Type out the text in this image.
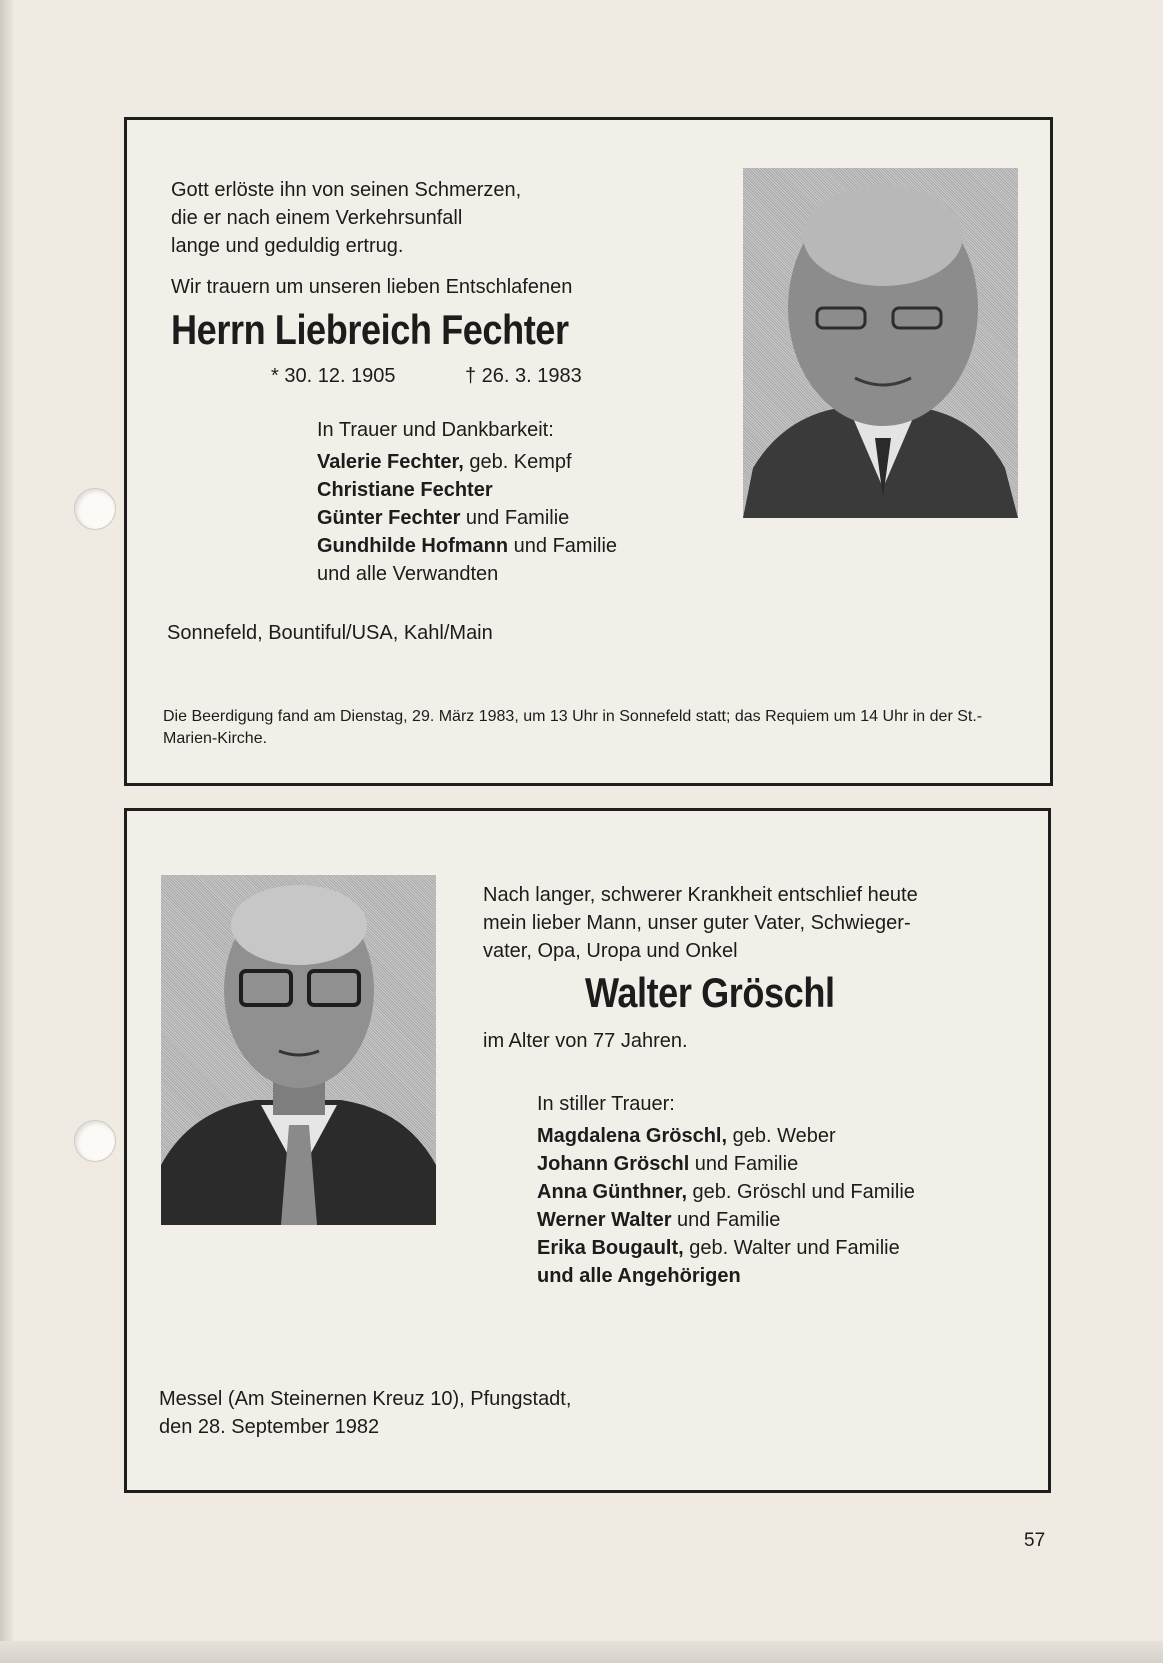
Gott erlöste ihn von seinen Schmerzen,
die er nach einem Verkehrsunfall
lange und geduldig ertrug.
Wir trauern um unseren lieben Entschlafenen
Herrn Liebreich Fechter
* 30. 12. 1905	† 26. 3. 1983
In Trauer und Dankbarkeit:
Valerie Fechter, geb. Kempf
Christiane Fechter
Günter Fechter und Familie
Gundhilde Hofmann und Familie
und alle Verwandten
Sonnefeld, Bountiful/USA, Kahl/Main
Die Beerdigung fand am Dienstag, 29. März 1983, um 13 Uhr in Sonnefeld statt; das Requiem um 14 Uhr in der St.-Marien-Kirche.
Nach langer, schwerer Krankheit entschlief heute
mein lieber Mann, unser guter Vater, Schwieger-
vater, Opa, Uropa und Onkel
Walter Gröschl
im Alter von 77 Jahren.
In stiller Trauer:
Magdalena Gröschl, geb. Weber
Johann Gröschl und Familie
Anna Günthner, geb. Gröschl und Familie
Werner Walter und Familie
Erika Bougault, geb. Walter und Familie
und alle Angehörigen
Messel (Am Steinernen Kreuz 10), Pfungstadt,
den 28. September 1982
57
